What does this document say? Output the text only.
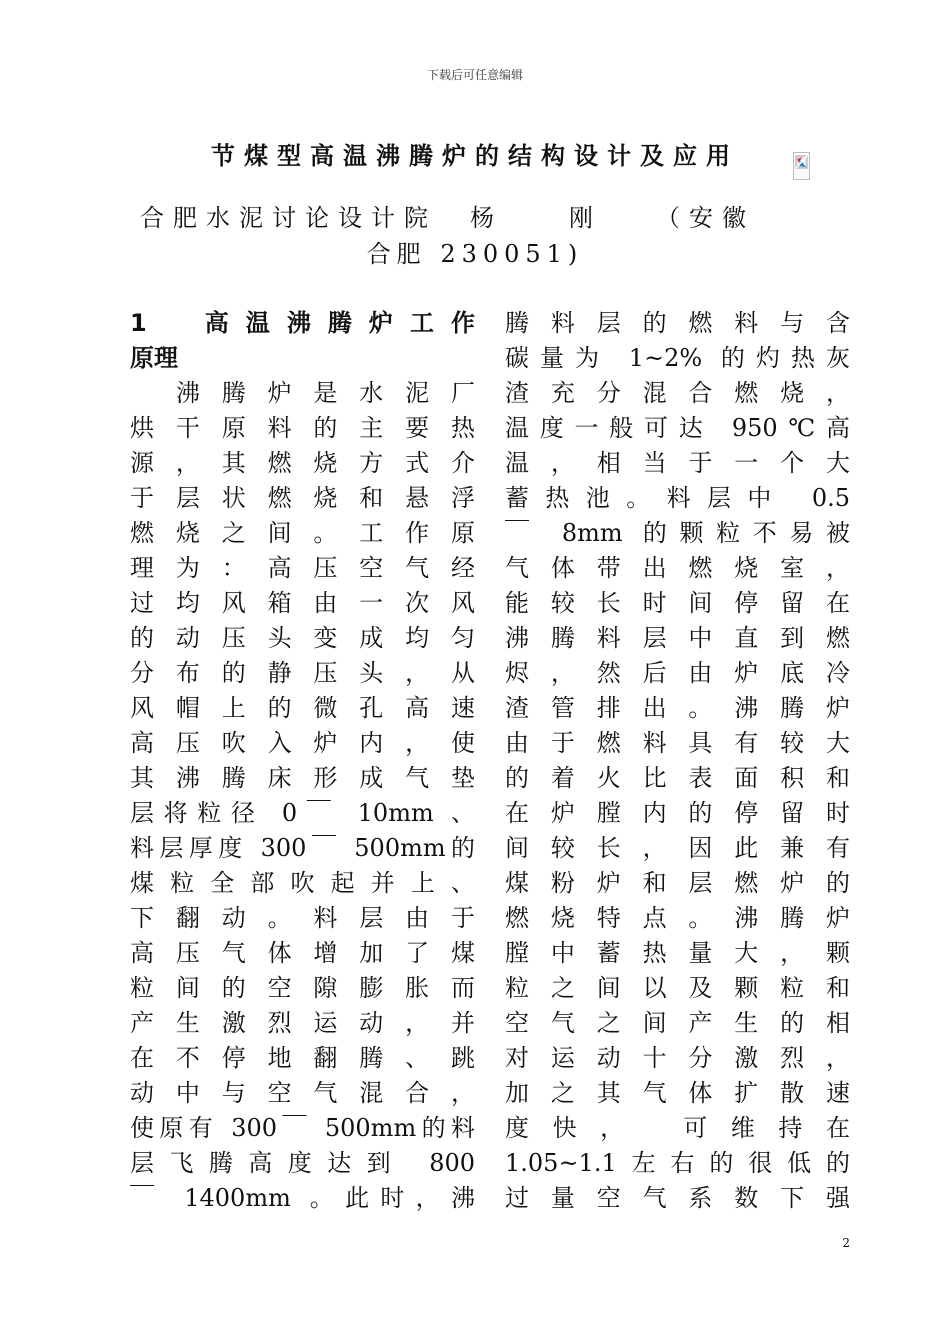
下载后可任意编辑
节煤型高温沸腾炉的结构设计及应用
合肥水泥讨论设计院　杨　　刚　　（安徽
合肥 230051)
1　高温沸腾炉工作
原理
　沸腾炉是水泥厂
烘干原料的主要热
源，其燃烧方式介
于层状燃烧和悬浮
燃烧之间。工作原
理为：高压空气经
过均风箱由一次风
的动压头变成均匀
分布的静压头，从
风帽上的微孔高速
高压吹入炉内，使
其沸腾床形成气垫
层将粒径 0￣ 10mm 、
料层厚度 300￣ 500mm的
煤粒全部吹起并上、
下翻动。料层由于
高压气体增加了煤
粒间的空隙膨胀而
产生激烈运动，并
在不停地翻腾、跳
动中与空气混合，
使原有 300￣ 500mm的料
层飞腾高度达到 800
￣ 1400mm 。此时，沸
腾料层的燃料与含
碳量为 1~2% 的灼热灰
渣充分混合燃烧，
温度一般可达 950℃高
温，相当于一个大
蓄热池。料层中 0.5
￣ 8mm 的颗粒不易被
气体带出燃烧室，
能较长时间停留在
沸腾料层中直到燃
烬，然后由炉底冷
渣管排出。沸腾炉
由于燃料具有较大
的着火比表面积和
在炉膛内的停留时
间较长，因此兼有
煤粉炉和层燃炉的
燃烧特点。沸腾炉
膛中蓄热量大，颗
粒之间以及颗粒和
空气之间产生的相
对运动十分激烈，
加之其气体扩散速
度快，　可维持在
1.05~1.1左右的很低的
过量空气系数下强
2
